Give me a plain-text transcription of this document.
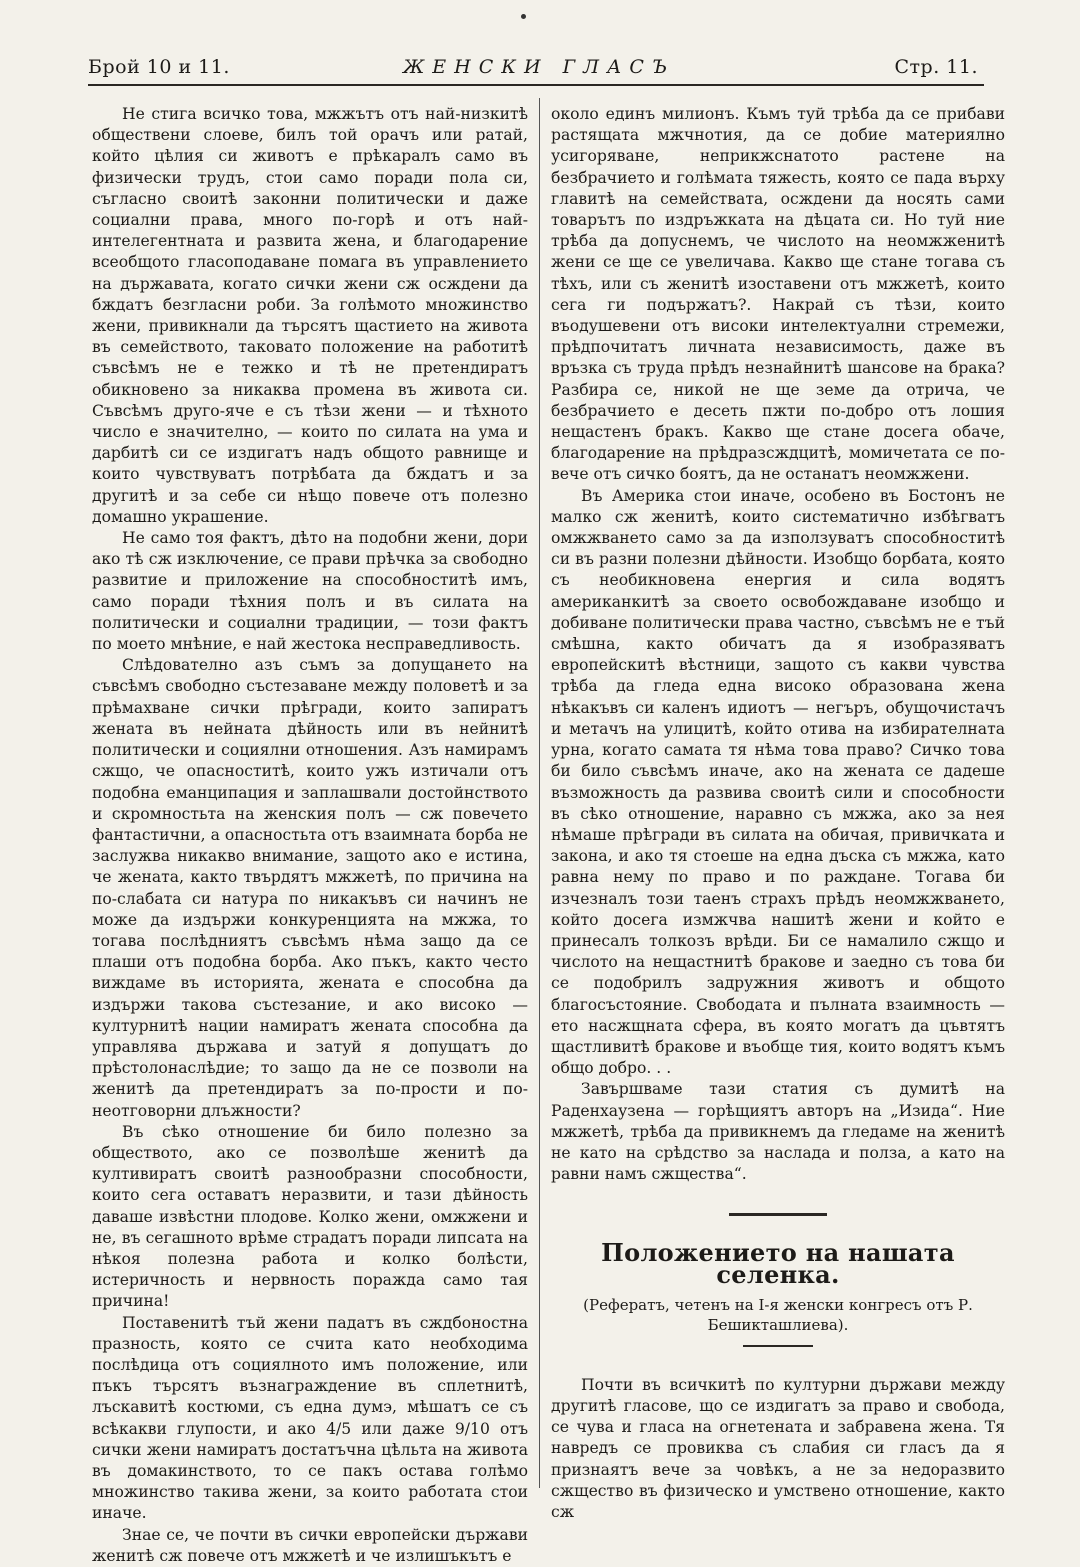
Брой 10 и 11.	ЖЕНСКИ ГЛАСЪ	Стр. 11.

Не стига всичко това, мжжътъ отъ най-низкитѣ обществени слоеве, билъ той орачъ или ратай, който цѣлия си животъ е прѣкаралъ само въ физически трудъ, стои само поради пола си, съгласно своитѣ законни политически и даже социални права, много по-горѣ и отъ най-интелегентната и развита жена, и благодарение всеобщото гласоподаване помага въ управлението на държавата, когато сички жени сж осждени да бждатъ безгласни роби. За голѣмото множинство жени, привикнали да търсятъ щастието на живота въ семейството, таковато положение на работитѣ съвсѣмъ не е тежко и тѣ не претендиратъ обикновено за никаква промена въ живота си. Съвсѣмъ друго-яче е съ тѣзи жени — и тѣхното число е значително, — които по силата на ума и дарбитѣ си се издигатъ надъ общото равнище и които чувствуватъ потрѣбата да бждатъ и за другитѣ и за себе си нѣщо повече отъ полезно домашно украшение.

Не само тоя фактъ, дѣто на подобни жени, дори ако тѣ сж изключение, се прави прѣчка за свободно развитие и приложение на способноститѣ имъ, само поради тѣхния полъ и въ силата на политически и социални традиции, — този фактъ по моето мнѣние, е най жестока несправедливость.

Слѣдователно азъ съмъ за допущането на съвсѣмъ свободно състезаване между половетѣ и за прѣмахване сички прѣгради, които запиратъ жената въ нейната дѣйность или въ нейнитѣ политически и социялни отношения. Азъ намирамъ сжщо, че опасноститѣ, които ужъ изтичали отъ подобна еманципация и заплашвали достойнството и скромностьта на женския полъ — сж повечето фантастични, а опасностьта отъ взаимната борба не заслужва никакво внимание, защото ако е истина, че жената, както твърдятъ мжжетѣ, по причина на по-слабата си натура по никакъвъ си начинъ не може да издържи конкуренцията на мжжа, то тогава послѣдниятъ съвсѣмъ нѣма защо да се плаши отъ подобна борба. Ако пъкъ, както често виждаме въ историята, жената е способна да издържи такова състезание, и ако високо — културнитѣ нации намиратъ жената способна да управлява държава и затуй я допущатъ до прѣстолонаслѣдие; то защо да не се позволи на женитѣ да претендиратъ за по-прости и по-неотговорни длъжности?

Въ сѣко отношение би било полезно за обществото, ако се позволѣше женитѣ да култивиратъ своитѣ разнообразни способности, които сега оставатъ неразвити, и тази дѣйность даваше извѣстни плодове. Колко жени, омжжени и не, въ сегашното врѣме страдатъ поради липсата на нѣкоя полезна работа и колко болѣсти, истеричность и нервность поражда само тая причина!

Поставенитѣ тъй жени падатъ въ сждбоностна празность, която се счита като необходима послѣдица отъ социялното имъ положение, или пъкъ търсятъ възнаграждение въ сплетнитѣ, лъскавитѣ костюми, съ една думэ, мѣшатъ се съ всѣкакви глупости, и ако 4/5 или даже 9/10 отъ сички жени намиратъ достатъчна цѣльта на живота въ домакинството, то се пакъ остава голѣмо множинство такива жени, за които работата стои иначе.

Знае се, че почти въ сички европейски държави женитѣ сж повече отъ мжжетѣ и че излишъкътъ е

около единъ милионъ. Къмъ туй трѣба да се прибави растящата мжчнотия, да се добие материялно усигоряване, неприкжснатото растене на безбрачието и голѣмата тяжесть, която се пада върху главитѣ на семействата, осждени да носять сами товарътъ по издръжката на дѣцата си. Но туй ние трѣба да допуснемъ, че числото на неомжженитѣ жени се ще се увеличава. Какво ще стане тогава съ тѣхъ, или съ женитѣ изоставени отъ мжжетѣ, които сега ги подържатъ?. Накрай съ тѣзи, които въодушевени отъ високи интелектуални стремежи, прѣдпочитатъ личната независимость, даже въ връзка съ труда прѣдъ незнайнитѣ шансове на брака? Разбира се, никой не ще земе да отрича, че безбрачието е десеть пжти по-добро отъ лошия нещастенъ бракъ. Какво ще стане досега обаче, благодарение на прѣдразсждцитѣ, момичетата се по-вече отъ сичко боятъ, да не останатъ неомжжени.

Въ Америка стои иначе, особено въ Бостонъ не малко сж женитѣ, които систематично избѣгватъ омжжването само за да използуватъ способноститѣ си въ разни полезни дѣйности. Изобщо борбата, която съ необикновена енергия и сила водятъ американкитѣ за своето освобождаване изобщо и добиване политически права частно, съвсѣмъ не е тъй смѣшна, както обичатъ да я изобразяватъ европейскитѣ вѣстници, защото съ какви чувства трѣба да гледа една високо образована жена нѣкакъвъ си каленъ идиотъ — негъръ, обущочистачъ и метачъ на улицитѣ, който отива на избирателната урна, когато самата тя нѣма това право? Сичко това би било съвсѣмъ иначе, ако на жената се дадеше възможность да развива своитѣ сили и способности въ сѣко отношение, наравно съ мжжа, ако за нея нѣмаше прѣгради въ силата на обичая, привичката и закона, и ако тя стоеше на една дъска съ мжжа, като равна нему по право и по раждане. Тогава би изчезналъ този таенъ страхъ прѣдъ неомжжването, който досега измжчва нашитѣ жени и който е принесалъ толкозъ врѣди. Би се намалило сжщо и числото на нещастнитѣ бракове и заедно съ това би се подобрилъ задружния животъ и общото благосъстояние. Свободата и пълната взаимность — ето насжщната сфера, въ която могатъ да цъвтятъ щастливитѣ бракове и въобще тия, които водятъ къмъ общо добро. . .

Завършваме тази статия съ думитѣ на Раденхаузена — горѣщиятъ авторъ на „Изида“. Ние мжжетѣ, трѣба да привикнемъ да гледаме на женитѣ не като на срѣдство за наслада и полза, а като на равни намъ сжщества“.

Положението на нашата селенка.
(Рефератъ, четенъ на І-я женски конгресъ отъ Р. Бешикташлиева).

Почти въ всичкитѣ по културни държави между другитѣ гласове, що се издигатъ за право и свобода, се чува и гласа на огнетената и забравена жена. Тя навредъ се провиква съ слабия си гласъ да я признаятъ вече за човѣкъ, а не за недоразвито сжщество въ физическо и умствено отношение, както сж
